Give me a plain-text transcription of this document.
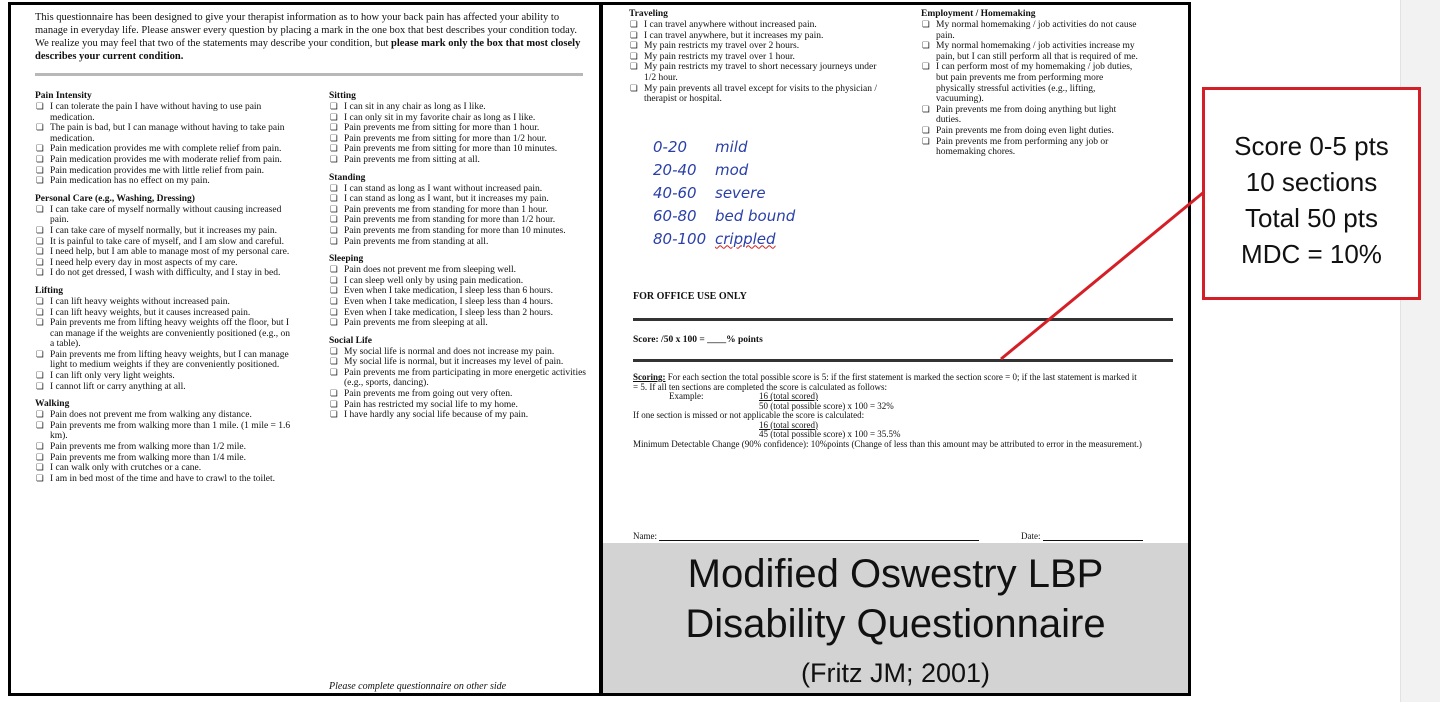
This questionnaire has been designed to give your therapist information as to how your back pain has affected your ability to manage in everyday life. Please answer every question by placing a mark in the one box that best describes your condition today. We realize you may feel that two of the statements may describe your condition, but please mark only the box that most closely describes your current condition.
Pain Intensity
❏ I can tolerate the pain I have without having to use pain medication.
❏ The pain is bad, but I can manage without having to take pain medication.
❏ Pain medication provides me with complete relief from pain.
❏ Pain medication provides me with moderate relief from pain.
❏ Pain medication provides me with little relief from pain.
❏ Pain medication has no effect on my pain.
Personal Care (e.g., Washing, Dressing)
❏ I can take care of myself normally without causing increased pain.
❏ I can take care of myself normally, but it increases my pain.
❏ It is painful to take care of myself, and I am slow and careful.
❏ I need help, but I am able to manage most of my personal care.
❏ I need help every day in most aspects of my care.
❏ I do not get dressed, I wash with difficulty, and I stay in bed.
Lifting
❏ I can lift heavy weights without increased pain.
❏ I can lift heavy weights, but it causes increased pain.
❏ Pain prevents me from lifting heavy weights off the floor, but I can manage if the weights are conveniently positioned (e.g., on a table).
❏ Pain prevents me from lifting heavy weights, but I can manage light to medium weights if they are conveniently positioned.
❏ I can lift only very light weights.
❏ I cannot lift or carry anything at all.
Walking
❏ Pain does not prevent me from walking any distance.
❏ Pain prevents me from walking more than 1 mile. (1 mile = 1.6 km).
❏ Pain prevents me from walking more than 1/2 mile.
❏ Pain prevents me from walking more than 1/4 mile.
❏ I can walk only with crutches or a cane.
❏ I am in bed most of the time and have to crawl to the toilet.
Sitting
❏ I can sit in any chair as long as I like.
❏ I can only sit in my favorite chair as long as I like.
❏ Pain prevents me from sitting for more than 1 hour.
❏ Pain prevents me from sitting for more than 1/2 hour.
❏ Pain prevents me from sitting for more than 10 minutes.
❏ Pain prevents me from sitting at all.
Standing
❏ I can stand as long as I want without increased pain.
❏ I can stand as long as I want, but it increases my pain.
❏ Pain prevents me from standing for more than 1 hour.
❏ Pain prevents me from standing for more than 1/2 hour.
❏ Pain prevents me from standing for more than 10 minutes.
❏ Pain prevents me from standing at all.
Sleeping
❏ Pain does not prevent me from sleeping well.
❏ I can sleep well only by using pain medication.
❏ Even when I take medication, I sleep less than 6 hours.
❏ Even when I take medication, I sleep less than 4 hours.
❏ Even when I take medication, I sleep less than 2 hours.
❏ Pain prevents me from sleeping at all.
Social Life
❏ My social life is normal and does not increase my pain.
❏ My social life is normal, but it increases my level of pain.
❏ Pain prevents me from participating in more energetic activities (e.g., sports, dancing).
❏ Pain prevents me from going out very often.
❏ Pain has restricted my social life to my home.
❏ I have hardly any social life because of my pain.
Please complete questionnaire on other side
Traveling
❏ I can travel anywhere without increased pain.
❏ I can travel anywhere, but it increases my pain.
❏ My pain restricts my travel over 2 hours.
❏ My pain restricts my travel over 1 hour.
❏ My pain restricts my travel to short necessary journeys under 1/2 hour.
❏ My pain prevents all travel except for visits to the physician / therapist or hospital.
Employment / Homemaking
❏ My normal homemaking / job activities do not cause pain.
❏ My normal homemaking / job activities increase my pain, but I can still perform all that is required of me.
❏ I can perform most of my homemaking / job duties, but pain prevents me from performing more physically stressful activities (e.g., lifting, vacuuming).
❏ Pain prevents me from doing anything but light duties.
❏ Pain prevents me from doing even light duties.
❏ Pain prevents me from performing any job or homemaking chores.
0-20	mild
20-40	mod
40-60	severe
60-80	bed bound
80-100 crippled
FOR OFFICE USE ONLY
Score: /50 x 100 = ____% points
Scoring: For each section the total possible score is 5: if the first statement is marked the section score = 0; if the last statement is marked it = 5. If all ten sections are completed the score is calculated as follows:
Example:	16 (total scored)
50 (total possible score) x 100 = 32%
If one section is missed or not applicable the score is calculated:
16 (total scored)
45 (total possible score) x 100 = 35.5%
Minimum Detectable Change (90% confidence): 10%points (Change of less than this amount may be attributed to error in the measurement.)
Name:	Date:
Modified Oswestry LBP
Disability Questionnaire
(Fritz JM; 2001)
Score 0-5 pts
10 sections
Total 50 pts
MDC = 10%
